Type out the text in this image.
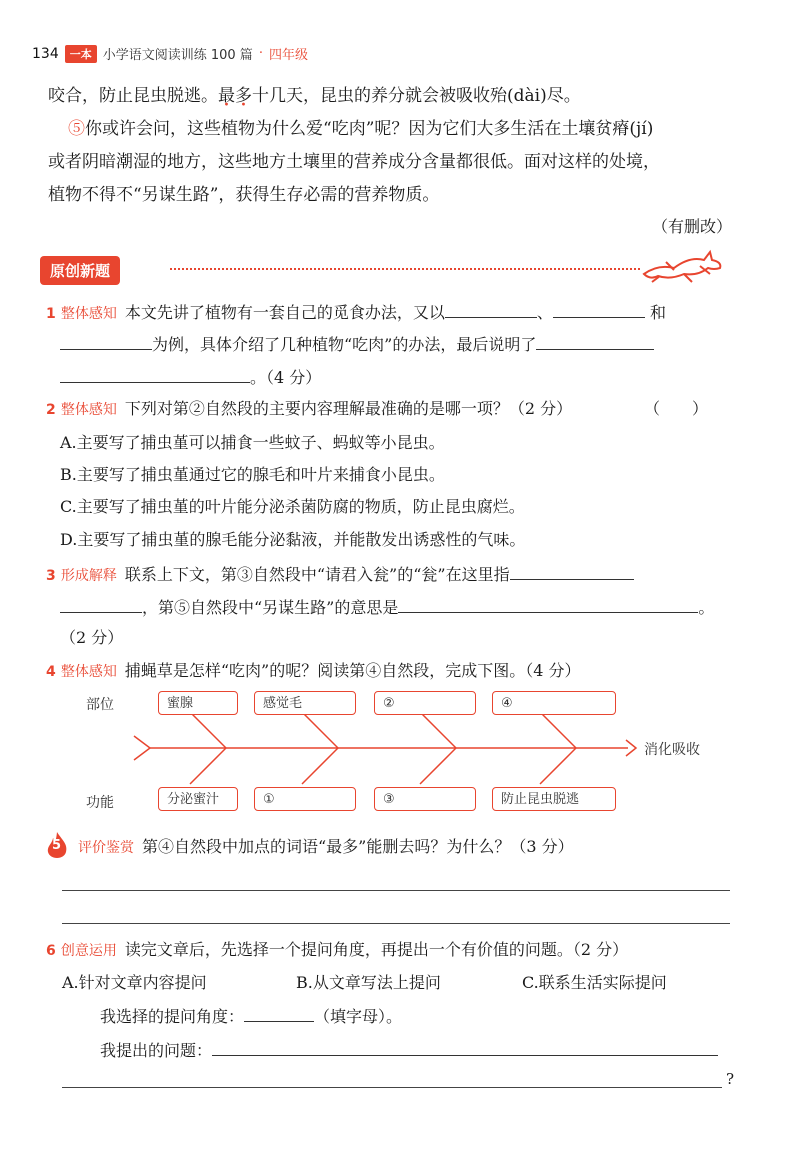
134	一本 小学语文阅读训练 100 篇 · 四年级
咬合，防止昆虫脱逃。最多十几天，昆虫的养分就会被吸收殆(dài)尽。
⑤你或许会问，这些植物为什么爱“吃肉”呢？因为它们大多生活在土壤贫瘠(jí)
或者阴暗潮湿的地方，这些地方土壤里的营养成分含量都很低。面对这样的处境，
植物不得不“另谋生路”，获得生存必需的营养物质。
（有删改）
原创新题
1 整体感知 本文先讲了植物有一套自己的觅食办法，又以	、	和
为例，具体介绍了几种植物“吃肉”的办法，最后说明了
。（4 分）
2 整体感知 下列对第②自然段的主要内容理解最准确的是哪一项？（2 分）	（　　）
A.主要写了捕虫堇可以捕食一些蚊子、蚂蚁等小昆虫。
B.主要写了捕虫堇通过它的腺毛和叶片来捕食小昆虫。
C.主要写了捕虫堇的叶片能分泌杀菌防腐的物质，防止昆虫腐烂。
D.主要写了捕虫堇的腺毛能分泌黏液，并能散发出诱惑性的气味。
3 形成解释 联系上下文，第③自然段中“请君入瓮”的“瓮”在这里指
，第⑤自然段中“另谋生路”的意思是	。
（2 分）
4 整体感知 捕蝇草是怎样“吃肉”的呢？阅读第④自然段，完成下图。（4 分）
部位
功能
消化吸收
蜜腺	感觉毛	②	④
分泌蜜汁	①	③	防止昆虫脱逃
5 评价鉴赏 第④自然段中加点的词语“最多”能删去吗？为什么？（3 分）
6 创意运用 读完文章后，先选择一个提问角度，再提出一个有价值的问题。（2 分）
A.针对文章内容提问	B.从文章写法上提问	C.联系生活实际提问
我选择的提问角度：	（填字母）。
我提出的问题：
?
